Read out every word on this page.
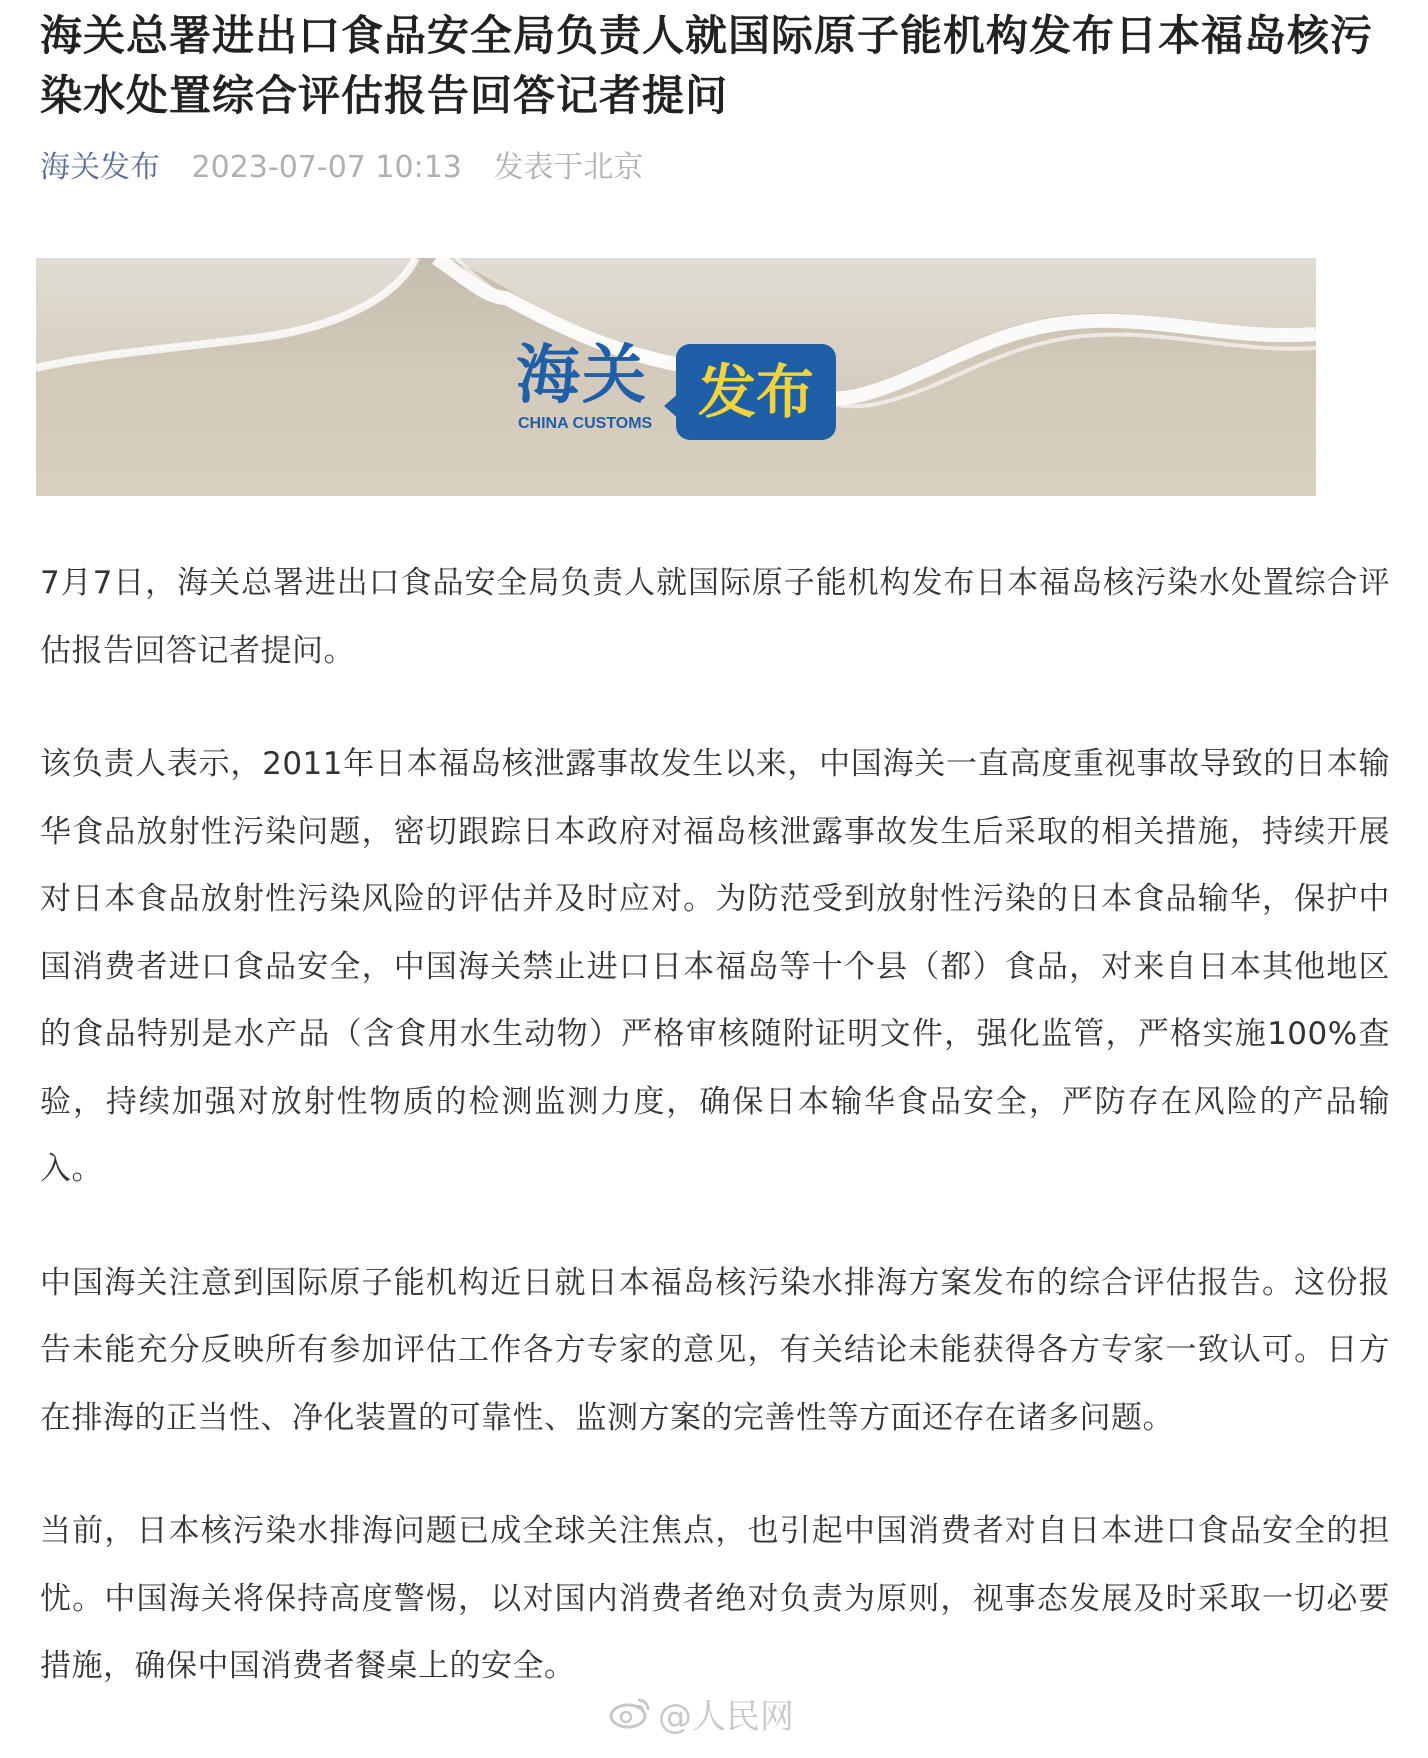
海关总署进出口食品安全局负责人就国际原子能机构发布日本福岛核污染水处置综合评估报告回答记者提问
海关发布 2023-07-07 10:13 发表于北京
海关 发布
CHINA CUSTOMS

7月7日，海关总署进出口食品安全局负责人就国际原子能机构发布日本福岛核污染水处置综合评估报告回答记者提问。

该负责人表示，2011年日本福岛核泄露事故发生以来，中国海关一直高度重视事故导致的日本输华食品放射性污染问题，密切跟踪日本政府对福岛核泄露事故发生后采取的相关措施，持续开展对日本食品放射性污染风险的评估并及时应对。为防范受到放射性污染的日本食品输华，保护中国消费者进口食品安全，中国海关禁止进口日本福岛等十个县（都）食品，对来自日本其他地区的食品特别是水产品（含食用水生动物）严格审核随附证明文件，强化监管，严格实施100%查验，持续加强对放射性物质的检测监测力度，确保日本输华食品安全，严防存在风险的产品输入。

中国海关注意到国际原子能机构近日就日本福岛核污染水排海方案发布的综合评估报告。这份报告未能充分反映所有参加评估工作各方专家的意见，有关结论未能获得各方专家一致认可。日方在排海的正当性、净化装置的可靠性、监测方案的完善性等方面还存在诸多问题。

当前，日本核污染水排海问题已成全球关注焦点，也引起中国消费者对自日本进口食品安全的担忧。中国海关将保持高度警惕，以对国内消费者绝对负责为原则，视事态发展及时采取一切必要措施，确保中国消费者餐桌上的安全。

@人民网
